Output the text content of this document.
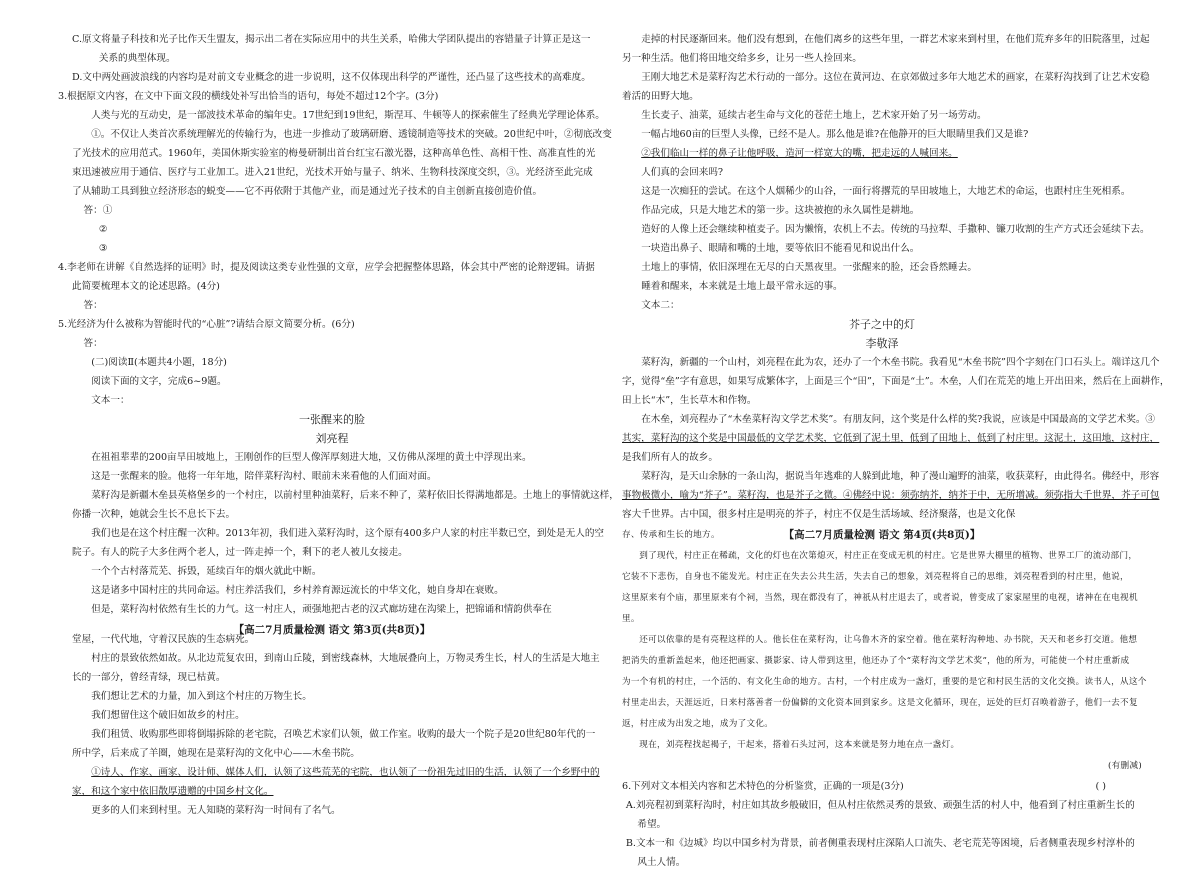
C.原文将量子科技和光子比作天生盟友，揭示出二者在实际应用中的共生关系，哈佛大学团队提出的容错量子计算正是这一

关系的典型体现。

D.文中两处画波浪线的内容均是对前文专业概念的进一步说明，这不仅体现出科学的严谨性，还凸显了这些技术的高难度。

3.根据原文内容，在文中下面文段的横线处补写出恰当的语句，每处不超过12个字。(3分)

人类与光的互动史，是一部波技术革命的编年史。17世纪到19世纪，斯涅耳、牛顿等人的探索催生了经典光学理论体系。

①。不仅让人类首次系统理解光的传输行为，也进一步推动了玻璃研磨、透镜制造等技术的突破。20世纪中叶，②彻底改变

了光技术的应用范式。1960年，美国休斯实验室的梅曼研制出首台红宝石激光器，这种高单色性、高相干性、高准直性的光

束迅速被应用于通信、医疗与工业加工。进入21世纪，光技术开始与量子、纳米、生物科技深度交织，③。光经济至此完成

了从辅助工具到独立经济形态的蜕变——它不再依附于其他产业，而是通过光子技术的自主创新直接创造价值。

答：①

②

③

4.李老师在讲解《自然选择的证明》时，提及阅读这类专业性强的文章，应学会把握整体思路，体会其中严密的论辩逻辑。请据

此简要梳理本文的论述思路。(4分)

答：

5.光经济为什么被称为智能时代的“心脏”?请结合原文简要分析。(6分)

答：

(二)阅读Ⅱ(本题共4小题，18分)

阅读下面的文字，完成6~9题。

文本一：

一张醒来的脸

刘亮程

在祖祖辈辈的200亩旱田坡地上，王刚创作的巨型人像浑厚刻进大地，又仿佛从深埋的黄土中浮现出来。

这是一张醒来的脸。他将一年年地，陪伴菜籽沟村、眼前未来看他的人们面对面。

菜籽沟是新疆木垒县英格堡乡的一个村庄，以前村里种油菜籽，后来不种了，菜籽依旧长得满地都是。土地上的事情就这样，

你播一次种，她就会生长不息长下去。

我们也是在这个村庄醒一次种。2013年初，我们进入菜籽沟时，这个原有400多户人家的村庄半数已空，到处是无人的空

院子。有人的院子大多住两个老人，过一阵走掉一个，剩下的老人被儿女接走。

一个个古村落荒芜、拆毁，延续百年的烟火就此中断。

这是诸多中国村庄的共同命运。村庄养活我们，乡村养育源远流长的中华文化，她自身却在衰败。

但是，菜籽沟村依然有生长的力气。这一村庄人，顽强地把古老的汉式廊坊建在沟梁上，把锦诵和情韵供奉在

【高二7月质量检测 语文 第3页(共8页)】

堂屋，一代代地，守着汉民族的生态病死。

村庄的景致依然如故。从北边荒复农田，到南山丘陵，到密线森林，大地展叠向上，万物灵秀生长，村人的生活是大地主

长的一部分，曾经青绿，现已枯黄。

我们想让艺术的力量，加入到这个村庄的万物生长。

我们想留住这个破旧如故乡的村庄。

我们租赁、收购那些即将倒塌拆除的老宅院，召唤艺术家们认领，做工作室。收购的最大一个院子是20世纪80年代的一

所中学，后来成了羊圈，她现在是菜籽沟的文化中心——木垒书院。

①诗人、作家、画家、设计师、媒体人们，认领了这些荒芜的宅院，也认领了一份祖先过旧的生活，认领了一个乡野中的

家，和这个家中依旧散厚遗赠的中国乡村文化。

更多的人们来到村里。无人知晓的菜籽沟一时间有了名气。

走掉的村民逐渐回来。他们没有想到，在他们离乡的这些年里，一群艺术家来到村里，在他们荒弃多年的旧院落里，过起

另一种生活。他们将田地交给多乡，让另一些人捡回来。

王刚大地艺术是菜籽沟艺术行动的一部分。这位在黄河边、在京郊做过多年大地艺术的画家，在菜籽沟找到了让艺术安稳

着活的田野大地。

生长麦子、油菜，延续古老生命与文化的苍茫土地上，艺术家开始了另一场劳动。

一幅占地60亩的巨型人头像，已经不是人。那么他是谁?在他静开的巨大眼睛里我们又是谁?

②我们临山一样的鼻子让他呼吸，造河一样宽大的嘴，把走远的人喊回来。

人们真的会回来吗?

这是一次痴狂的尝试。在这个人烟稀少的山谷，一面行将撂荒的旱田坡地上，大地艺术的命运，也跟村庄生死相系。

作品完成，只是大地艺术的第一步。这块被抱的永久属性是耕地。

造好的人像上还会继续种植麦子。因为懒惰，农机上不去。传统的马拉犁、手撒种、镰刀收割的生产方式还会延续下去。

一块造出鼻子、眼睛和嘴的土地，要等依旧不能看见和说出什么。

土地上的事情，依旧深埋在无尽的白天黑夜里。一张醒来的脸，还会昏然睡去。

睡着和醒来，本来就是土地上最平常永远的事。

文本二：

芥子之中的灯

李敬泽

菜籽沟，新疆的一个山村，刘亮程在此为农，还办了一个木垒书院。我看见“木垒书院”四个字刻在门口石头上。端详这几个

字，觉得“垒”字有意思，如果写成繁体字，上面是三个“田”，下面是“土”。木垒，人们在荒芜的地上开出田来，然后在上面耕作，

田上长“木”，生长草木和作物。

在木垒，刘亮程办了“木垒菜籽沟文学艺术奖”。有朋友问，这个奖是什么样的奖?我说，应该是中国最高的文学艺术奖。③

其实，菜籽沟的这个奖是中国最低的文学艺术奖，它低到了泥土里，低到了田地上，低到了村庄里。这泥土，这田地，这村庄，

是我们所有人的故乡。

菜籽沟，是天山余脉的一条山沟，据说当年逃难的人躲到此地，种了漫山遍野的油菜，收获菜籽，由此得名。佛经中，形容

事物极微小，喻为“芥子”。菜籽沟，也是芥子之微。④佛经中说：须弥纳芥，纳芥于中，无所增减。须弥指大千世界，芥子可包

容大千世界。古中国，很多村庄是明亮的芥子，村庄不仅是生活场域、经济聚落，也是文化保

【高二7月质量检测 语文 第4页(共8页)】

存、传承和生长的地方。

到了现代，村庄正在稀疏，文化的灯也在次第熄灭，村庄正在变成无机的村庄。它是世界大棚里的植物、世界工厂的流动部门，

它装不下悲伤，自身也不能发光。村庄正在失去公共生活，失去自己的想象，刘亮程将自己的思维，刘亮程看到的村庄里，他说，

这里原来有个庙，那里原来有个祠，当然，现在都没有了，神祇从村庄退去了，或者说，曾变成了家家屋里的电视，诸神在在电视机

里。

还可以依靠的是有亮程这样的人。他长住在菜籽沟，让乌鲁木齐的家空着。他在菜籽沟种地、办书院，天天和老乡打交道。他想

把消失的重新盖起来，他还把画家、摄影家、诗人带到这里，他还办了个“菜籽沟文学艺术奖”，他的所为，可能使一个村庄重新成

为一个有机的村庄，一个活的、有文化生命的地方。古村，一个村庄成为一盏灯，重要的是它和村民生活的文化交换。读书人，从这个

村里走出去，天涯远近，日来村落善者一份偏僻的文化资本回到家乡。这是文化循环，现在，远处的巨灯召唤着游子，他们一去不复

返，村庄成为出发之地，成为了文化。

现在，刘亮程找起褐子，干起来，搭着石头过河，这本来就是努力地在点一盏灯。

(有删减)

6.下列对文本相关内容和艺术特色的分析鉴赏，正确的一项是(3分)	( )

A.刘亮程初到菜籽沟时，村庄如其故乡般破旧，但从村庄依然灵秀的景致、顽强生活的村人中，他看到了村庄重新生长的希望。

B.文本一和《边城》均以中国乡村为背景，前者侧重表现村庄深陷人口流失、老宅荒芜等困境，后者侧重表现乡村淳朴的风土人情。
